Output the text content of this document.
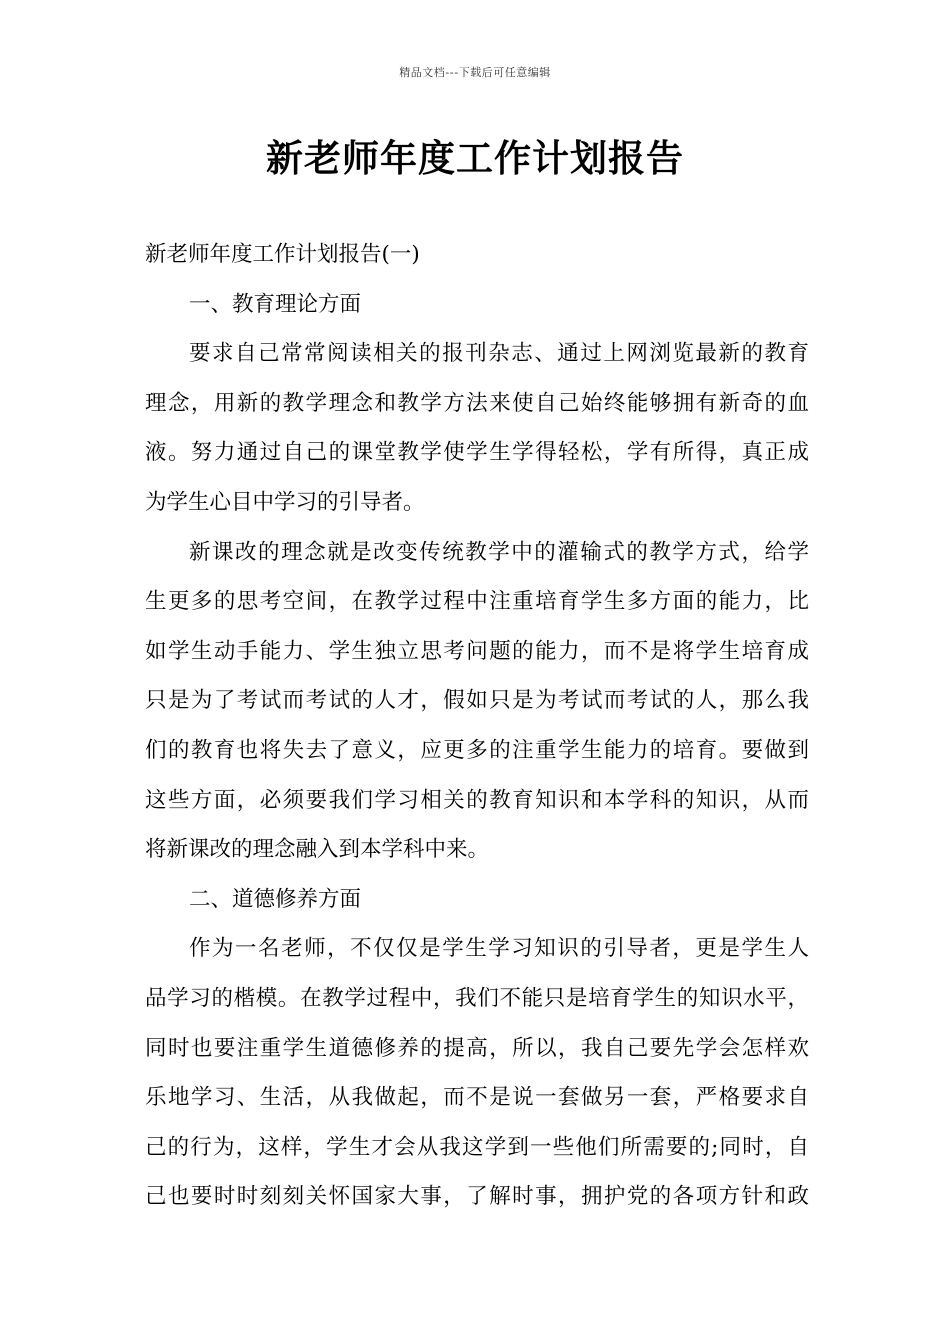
精品文档---下载后可任意编辑
新老师年度工作计划报告
新老师年度工作计划报告(一)
一、教育理论方面
要求自己常常阅读相关的报刊杂志、通过上网浏览最新的教育
理念，用新的教学理念和教学方法来使自己始终能够拥有新奇的血
液。努力通过自己的课堂教学使学生学得轻松，学有所得，真正成
为学生心目中学习的引导者。
新课改的理念就是改变传统教学中的灌输式的教学方式，给学
生更多的思考空间，在教学过程中注重培育学生多方面的能力，比
如学生动手能力、学生独立思考问题的能力，而不是将学生培育成
只是为了考试而考试的人才，假如只是为考试而考试的人，那么我
们的教育也将失去了意义，应更多的注重学生能力的培育。要做到
这些方面，必须要我们学习相关的教育知识和本学科的知识，从而
将新课改的理念融入到本学科中来。
二、道德修养方面
作为一名老师，不仅仅是学生学习知识的引导者，更是学生人
品学习的楷模。在教学过程中，我们不能只是培育学生的知识水平，
同时也要注重学生道德修养的提高，所以，我自己要先学会怎样欢
乐地学习、生活，从我做起，而不是说一套做另一套，严格要求自
己的行为，这样，学生才会从我这学到一些他们所需要的;同时，自
己也要时时刻刻关怀国家大事，了解时事，拥护党的各项方针和政
